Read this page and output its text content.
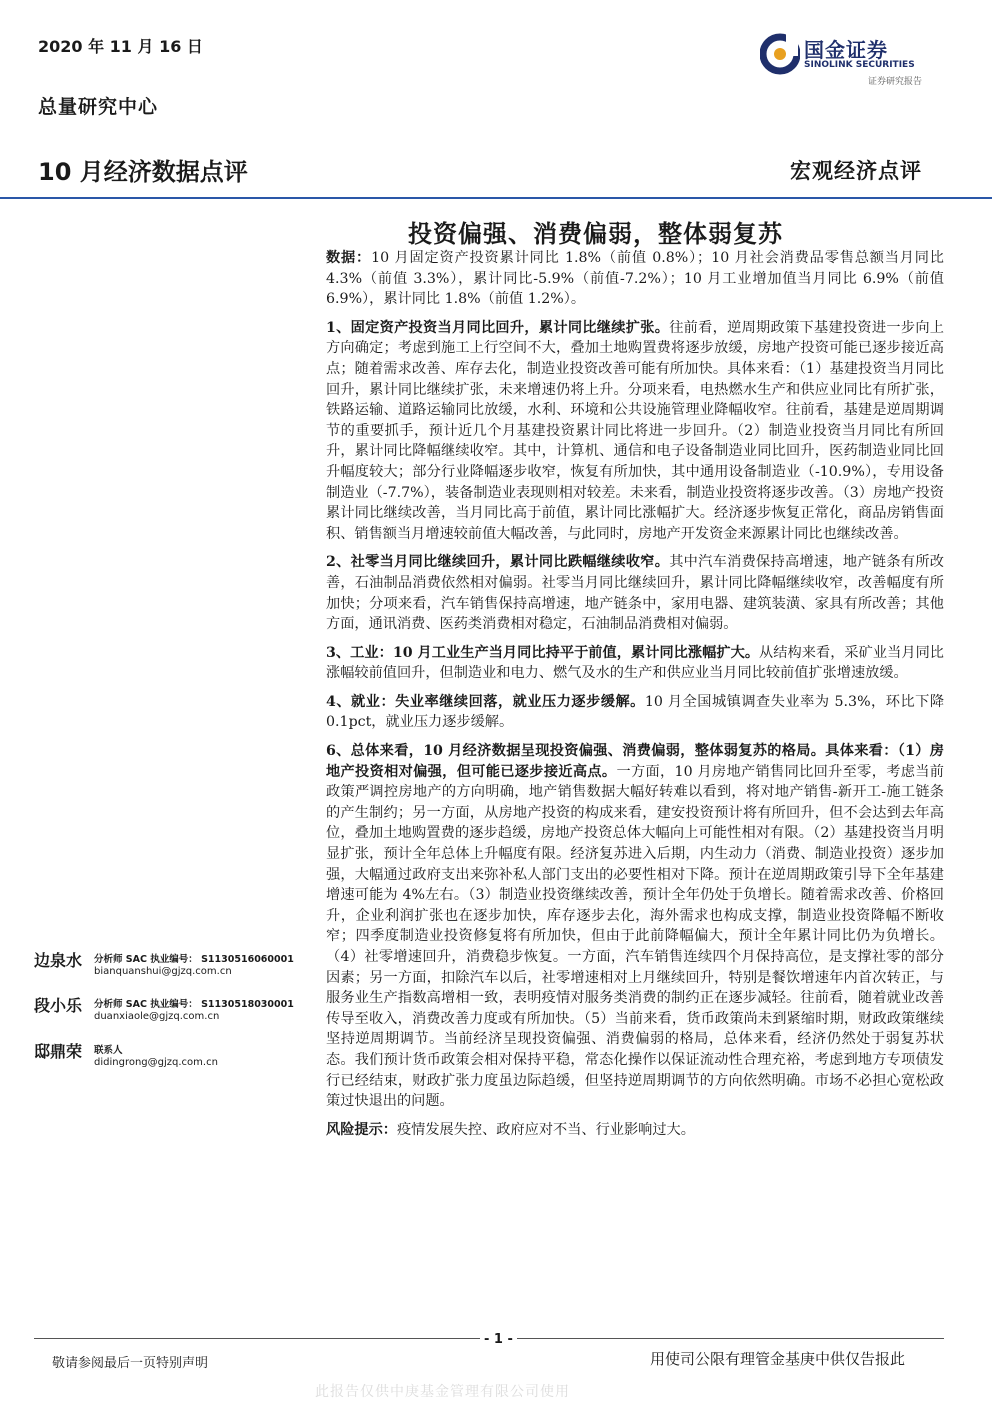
2020 年 11 月 16 日
总量研究中心
国金证券
SINOLINK SECURITIES
证券研究报告
10 月经济数据点评	宏观经济点评
投资偏强、消费偏弱，整体弱复苏

数据：10 月固定资产投资累计同比 1.8%（前值 0.8%）；10 月社会消费品零售总额当月同比 4.3%（前值 3.3%），累计同比-5.9%（前值-7.2%）；10 月工业增加值当月同比 6.9%（前值 6.9%），累计同比 1.8%（前值 1.2%）。

1、固定资产投资当月同比回升，累计同比继续扩张。往前看，逆周期政策下基建投资进一步向上方向确定；考虑到施工上行空间不大，叠加土地购置费将逐步放缓，房地产投资可能已逐步接近高点；随着需求改善、库存去化，制造业投资改善可能有所加快。具体来看：（1）基建投资当月同比回升，累计同比继续扩张，未来增速仍将上升。分项来看，电热燃水生产和供应业同比有所扩张，铁路运输、道路运输同比放缓，水利、环境和公共设施管理业降幅收窄。往前看，基建是逆周期调节的重要抓手，预计近几个月基建投资累计同比将进一步回升。（2）制造业投资当月同比有所回升，累计同比降幅继续收窄。其中，计算机、通信和电子设备制造业同比回升，医药制造业同比回升幅度较大；部分行业降幅逐步收窄，恢复有所加快，其中通用设备制造业（-10.9%），专用设备制造业（-7.7%），装备制造业表现则相对较差。未来看，制造业投资将逐步改善。（3）房地产投资累计同比继续改善，当月同比高于前值，累计同比涨幅扩大。经济逐步恢复正常化，商品房销售面积、销售额当月增速较前值大幅改善，与此同时，房地产开发资金来源累计同比也继续改善。

2、社零当月同比继续回升，累计同比跌幅继续收窄。其中汽车消费保持高增速，地产链条有所改善，石油制品消费依然相对偏弱。社零当月同比继续回升，累计同比降幅继续收窄，改善幅度有所加快；分项来看，汽车销售保持高增速，地产链条中，家用电器、建筑装潢、家具有所改善；其他方面，通讯消费、医药类消费相对稳定，石油制品消费相对偏弱。

3、工业：10 月工业生产当月同比持平于前值，累计同比涨幅扩大。从结构来看，采矿业当月同比涨幅较前值回升，但制造业和电力、燃气及水的生产和供应业当月同比较前值扩张增速放缓。

4、就业：失业率继续回落，就业压力逐步缓解。10 月全国城镇调查失业率为 5.3%，环比下降 0.1pct，就业压力逐步缓解。

6、总体来看，10 月经济数据呈现投资偏强、消费偏弱，整体弱复苏的格局。具体来看：（1）房地产投资相对偏强，但可能已逐步接近高点。一方面，10 月房地产销售同比回升至零，考虑当前政策严调控房地产的方向明确，地产销售数据大幅好转难以看到，将对地产销售-新开工-施工链条的产生制约；另一方面，从房地产投资的构成来看，建安投资预计将有所回升，但不会达到去年高位，叠加土地购置费的逐步趋缓，房地产投资总体大幅向上可能性相对有限。（2）基建投资当月明显扩张，预计全年总体上升幅度有限。经济复苏进入后期，内生动力（消费、制造业投资）逐步加强，大幅通过政府支出来弥补私人部门支出的必要性相对下降。预计在逆周期政策引导下全年基建增速可能为 4%左右。（3）制造业投资继续改善，预计全年仍处于负增长。随着需求改善、价格回升，企业利润扩张也在逐步加快，库存逐步去化，海外需求也构成支撑，制造业投资降幅不断收窄；四季度制造业投资修复将有所加快，但由于此前降幅偏大，预计全年累计同比仍为负增长。（4）社零增速回升，消费稳步恢复。一方面，汽车销售连续四个月保持高位，是支撑社零的部分因素；另一方面，扣除汽车以后，社零增速相对上月继续回升，特别是餐饮增速年内首次转正，与服务业生产指数高增相一致，表明疫情对服务类消费的制约正在逐步减轻。往前看，随着就业改善传导至收入，消费改善力度或有所加快。（5）当前来看，货币政策尚未到紧缩时期，财政政策继续坚持逆周期调节。当前经济呈现投资偏强、消费偏弱的格局，总体来看，经济仍然处于弱复苏状态。我们预计货币政策会相对保持平稳，常态化操作以保证流动性合理充裕，考虑到地方专项债发行已经结束，财政扩张力度虽边际趋缓，但坚持逆周期调节的方向依然明确。市场不必担心宽松政策过快退出的问题。

风险提示：疫情发展失控、政府应对不当、行业影响过大。

边泉水 分析师 SAC 执业编号： S1130516060001
bianquanshui@gjzq.com.cn
段小乐 分析师 SAC 执业编号： S1130518030001
duanxiaole@gjzq.com.cn
邸鼎荣 联系人
didingrong@gjzq.com.cn
- 1 -
敬请参阅最后一页特别声明	用使司公限有理管金基庚中供仅告报此
此报告仅供中庚基金管理有限公司使用
